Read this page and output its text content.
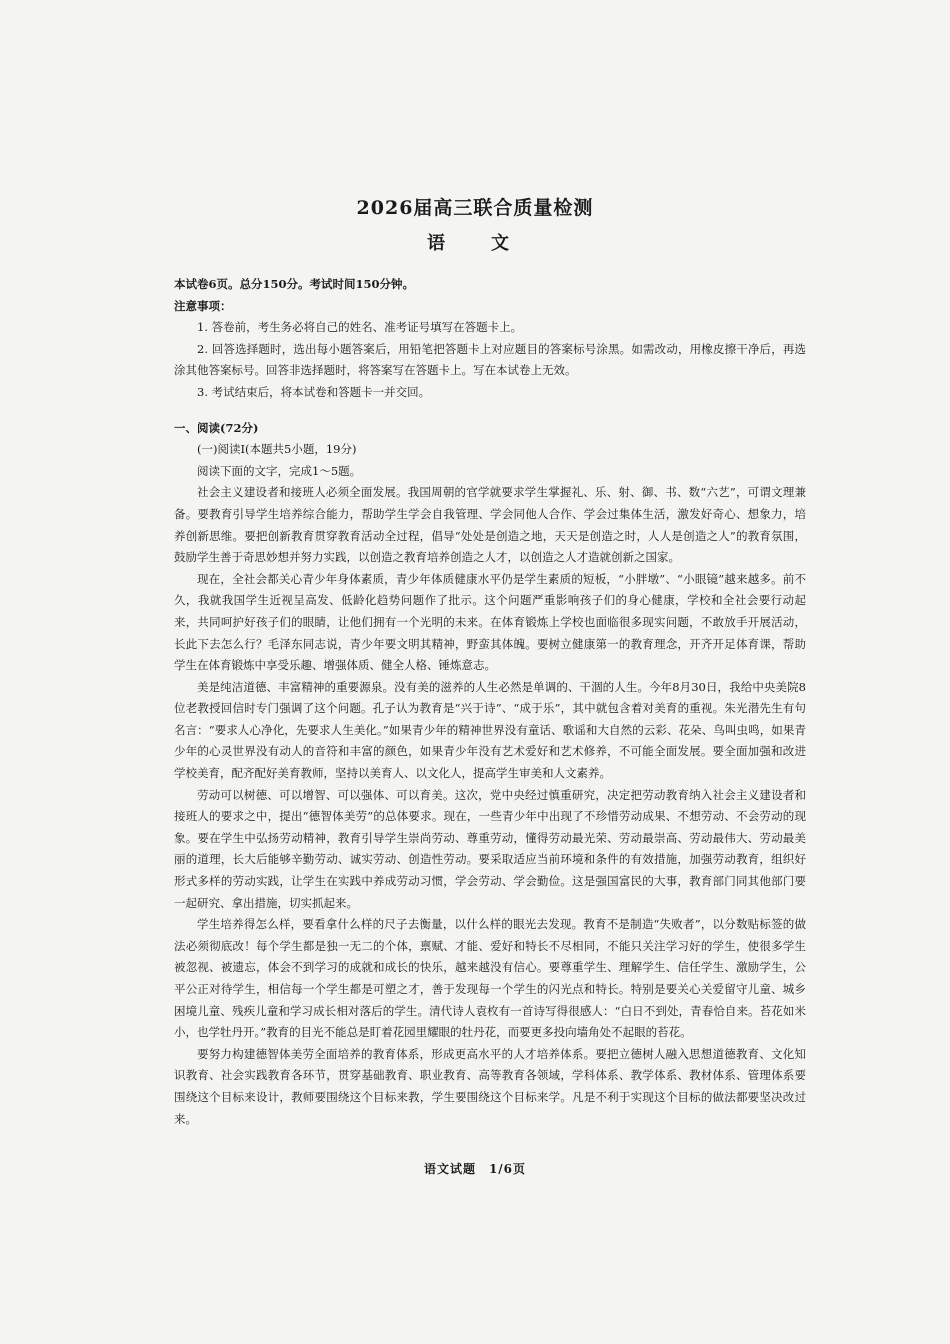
2026届高三联合质量检测
语　文

本试卷6页。总分150分。考试时间150分钟。

注意事项：

1. 答卷前，考生务必将自己的姓名、准考证号填写在答题卡上。

2. 回答选择题时，选出每小题答案后，用铅笔把答题卡上对应题目的答案标号涂黑。如需改动，用橡皮擦干净后，再选涂其他答案标号。回答非选择题时，将答案写在答题卡上。写在本试卷上无效。

3. 考试结束后，将本试卷和答题卡一并交回。

一、阅读(72分)

(一)阅读Ⅰ(本题共5小题，19分)

阅读下面的文字，完成1～5题。

社会主义建设者和接班人必须全面发展。我国周朝的官学就要求学生掌握礼、乐、射、御、书、数“六艺”，可谓文理兼备。要教育引导学生培养综合能力，帮助学生学会自我管理、学会同他人合作、学会过集体生活，激发好奇心、想象力，培养创新思维。要把创新教育贯穿教育活动全过程，倡导“处处是创造之地，天天是创造之时，人人是创造之人”的教育氛围，鼓励学生善于奇思妙想并努力实践，以创造之教育培养创造之人才，以创造之人才造就创新之国家。

现在，全社会都关心青少年身体素质，青少年体质健康水平仍是学生素质的短板，“小胖墩”、“小眼镜”越来越多。前不久，我就我国学生近视呈高发、低龄化趋势问题作了批示。这个问题严重影响孩子们的身心健康，学校和全社会要行动起来，共同呵护好孩子们的眼睛，让他们拥有一个光明的未来。在体育锻炼上学校也面临很多现实问题，不敢放手开展活动，长此下去怎么行？毛泽东同志说，青少年要文明其精神，野蛮其体魄。要树立健康第一的教育理念，开齐开足体育课，帮助学生在体育锻炼中享受乐趣、增强体质、健全人格、锤炼意志。

美是纯洁道德、丰富精神的重要源泉。没有美的滋养的人生必然是单调的、干涸的人生。今年8月30日，我给中央美院8位老教授回信时专门强调了这个问题。孔子认为教育是“兴于诗”、“成于乐”，其中就包含着对美育的重视。朱光潜先生有句名言：“要求人心净化，先要求人生美化。”如果青少年的精神世界没有童话、歌谣和大自然的云彩、花朵、鸟叫虫鸣，如果青少年的心灵世界没有动人的音符和丰富的颜色，如果青少年没有艺术爱好和艺术修养，不可能全面发展。要全面加强和改进学校美育，配齐配好美育教师，坚持以美育人、以文化人，提高学生审美和人文素养。

劳动可以树德、可以增智、可以强体、可以育美。这次，党中央经过慎重研究，决定把劳动教育纳入社会主义建设者和接班人的要求之中，提出“德智体美劳”的总体要求。现在，一些青少年中出现了不珍惜劳动成果、不想劳动、不会劳动的现象。要在学生中弘扬劳动精神，教育引导学生崇尚劳动、尊重劳动，懂得劳动最光荣、劳动最崇高、劳动最伟大、劳动最美丽的道理，长大后能够辛勤劳动、诚实劳动、创造性劳动。要采取适应当前环境和条件的有效措施，加强劳动教育，组织好形式多样的劳动实践，让学生在实践中养成劳动习惯，学会劳动、学会勤俭。这是强国富民的大事，教育部门同其他部门要一起研究、拿出措施，切实抓起来。

学生培养得怎么样，要看拿什么样的尺子去衡量，以什么样的眼光去发现。教育不是制造“失败者”，以分数贴标签的做法必须彻底改！每个学生都是独一无二的个体，禀赋、才能、爱好和特长不尽相同，不能只关注学习好的学生，使很多学生被忽视、被遗忘，体会不到学习的成就和成长的快乐，越来越没有信心。要尊重学生、理解学生、信任学生、激励学生，公平公正对待学生，相信每一个学生都是可塑之才，善于发现每一个学生的闪光点和特长。特别是要关心关爱留守儿童、城乡困境儿童、残疾儿童和学习成长相对落后的学生。清代诗人袁枚有一首诗写得很感人：“白日不到处，青春恰自来。苔花如米小，也学牡丹开。”教育的目光不能总是盯着花园里耀眼的牡丹花，而要更多投向墙角处不起眼的苔花。

要努力构建德智体美劳全面培养的教育体系，形成更高水平的人才培养体系。要把立德树人融入思想道德教育、文化知识教育、社会实践教育各环节，贯穿基础教育、职业教育、高等教育各领域，学科体系、教学体系、教材体系、管理体系要围绕这个目标来设计，教师要围绕这个目标来教，学生要围绕这个目标来学。凡是不利于实现这个目标的做法都要坚决改过来。

语文试题　1/6页
